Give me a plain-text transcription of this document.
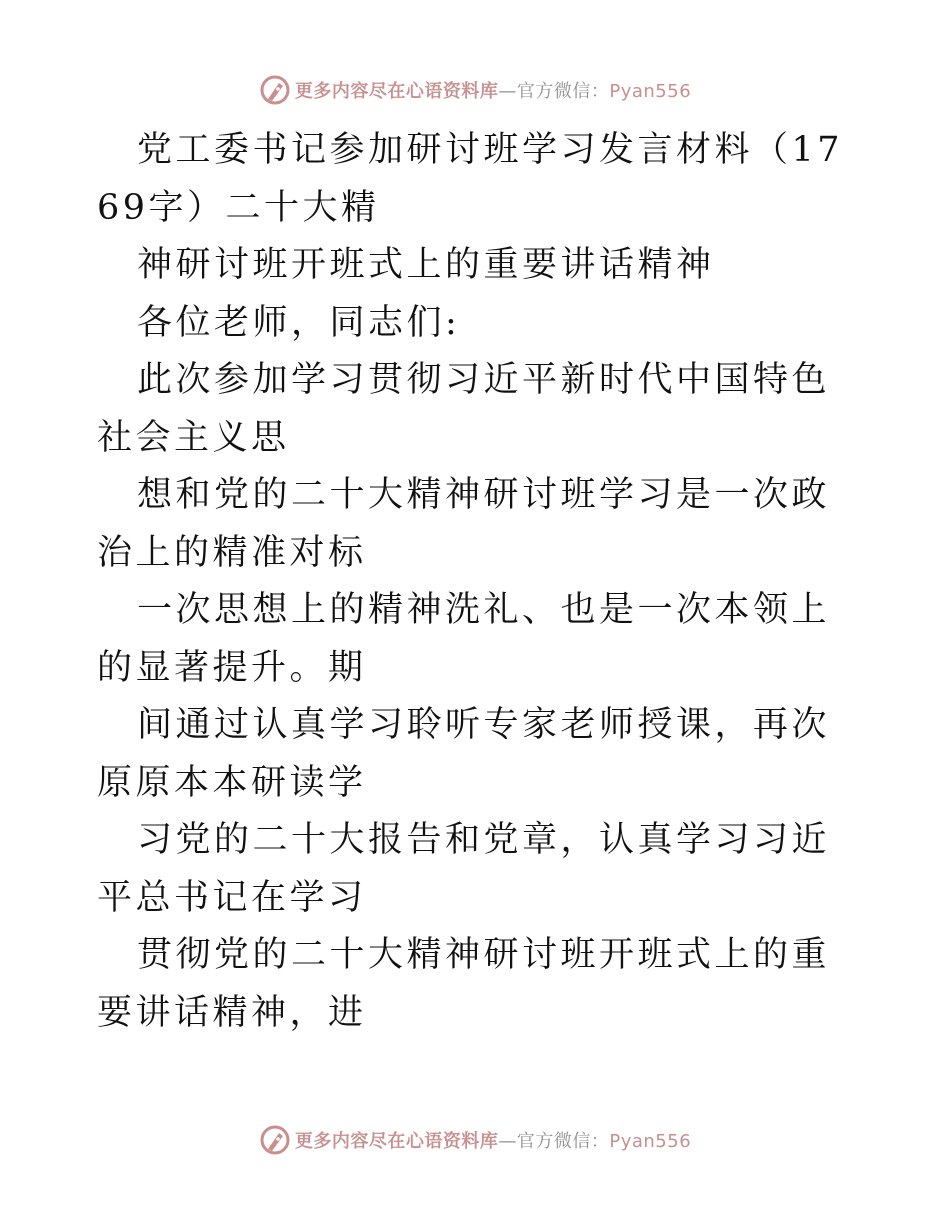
更多内容尽在心语资料库—官方微信：Pyan556

党工委书记参加研讨班学习发言材料（1769字）二十大精

神研讨班开班式上的重要讲话精神

各位老师，同志们:

此次参加学习贯彻习近平新时代中国特色社会主义思

想和党的二十大精神研讨班学习是一次政治上的精准对标

一次思想上的精神洗礼、也是一次本领上的显著提升。期

间通过认真学习聆听专家老师授课，再次原原本本研读学

习党的二十大报告和党章，认真学习习近平总书记在学习

贯彻党的二十大精神研讨班开班式上的重要讲话精神，进

更多内容尽在心语资料库—官方微信：Pyan556
